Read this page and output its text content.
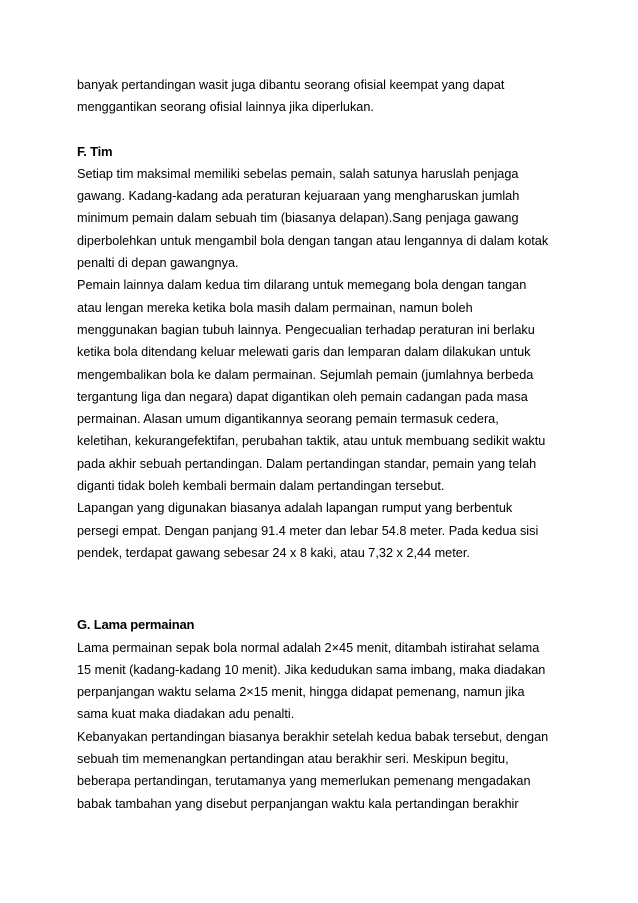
banyak pertandingan wasit juga dibantu seorang ofisial keempat yang dapat
menggantikan seorang ofisial lainnya jika diperlukan.
F. Tim
Setiap tim maksimal memiliki sebelas pemain, salah satunya haruslah penjaga
gawang. Kadang-kadang ada peraturan kejuaraan yang mengharuskan jumlah
minimum pemain dalam sebuah tim (biasanya delapan).Sang penjaga gawang
diperbolehkan untuk mengambil bola dengan tangan atau lengannya di dalam kotak
penalti di depan gawangnya.
Pemain lainnya dalam kedua tim dilarang untuk memegang bola dengan tangan
atau lengan mereka ketika bola masih dalam permainan, namun boleh
menggunakan bagian tubuh lainnya. Pengecualian terhadap peraturan ini berlaku
ketika bola ditendang keluar melewati garis dan lemparan dalam dilakukan untuk
mengembalikan bola ke dalam permainan. Sejumlah pemain (jumlahnya berbeda
tergantung liga dan negara) dapat digantikan oleh pemain cadangan pada masa
permainan. Alasan umum digantikannya seorang pemain termasuk cedera,
keletihan, kekurangefektifan, perubahan taktik, atau untuk membuang sedikit waktu
pada akhir sebuah pertandingan. Dalam pertandingan standar, pemain yang telah
diganti tidak boleh kembali bermain dalam pertandingan tersebut.
Lapangan yang digunakan biasanya adalah lapangan rumput yang berbentuk
persegi empat. Dengan panjang 91.4 meter dan lebar 54.8 meter. Pada kedua sisi
pendek, terdapat gawang sebesar 24 x 8 kaki, atau 7,32 x 2,44 meter.
G. Lama permainan
Lama permainan sepak bola normal adalah 2×45 menit, ditambah istirahat selama
15 menit (kadang-kadang 10 menit). Jika kedudukan sama imbang, maka diadakan
perpanjangan waktu selama 2×15 menit, hingga didapat pemenang, namun jika
sama kuat maka diadakan adu penalti.
Kebanyakan pertandingan biasanya berakhir setelah kedua babak tersebut, dengan
sebuah tim memenangkan pertandingan atau berakhir seri. Meskipun begitu,
beberapa pertandingan, terutamanya yang memerlukan pemenang mengadakan
babak tambahan yang disebut perpanjangan waktu kala pertandingan berakhir
